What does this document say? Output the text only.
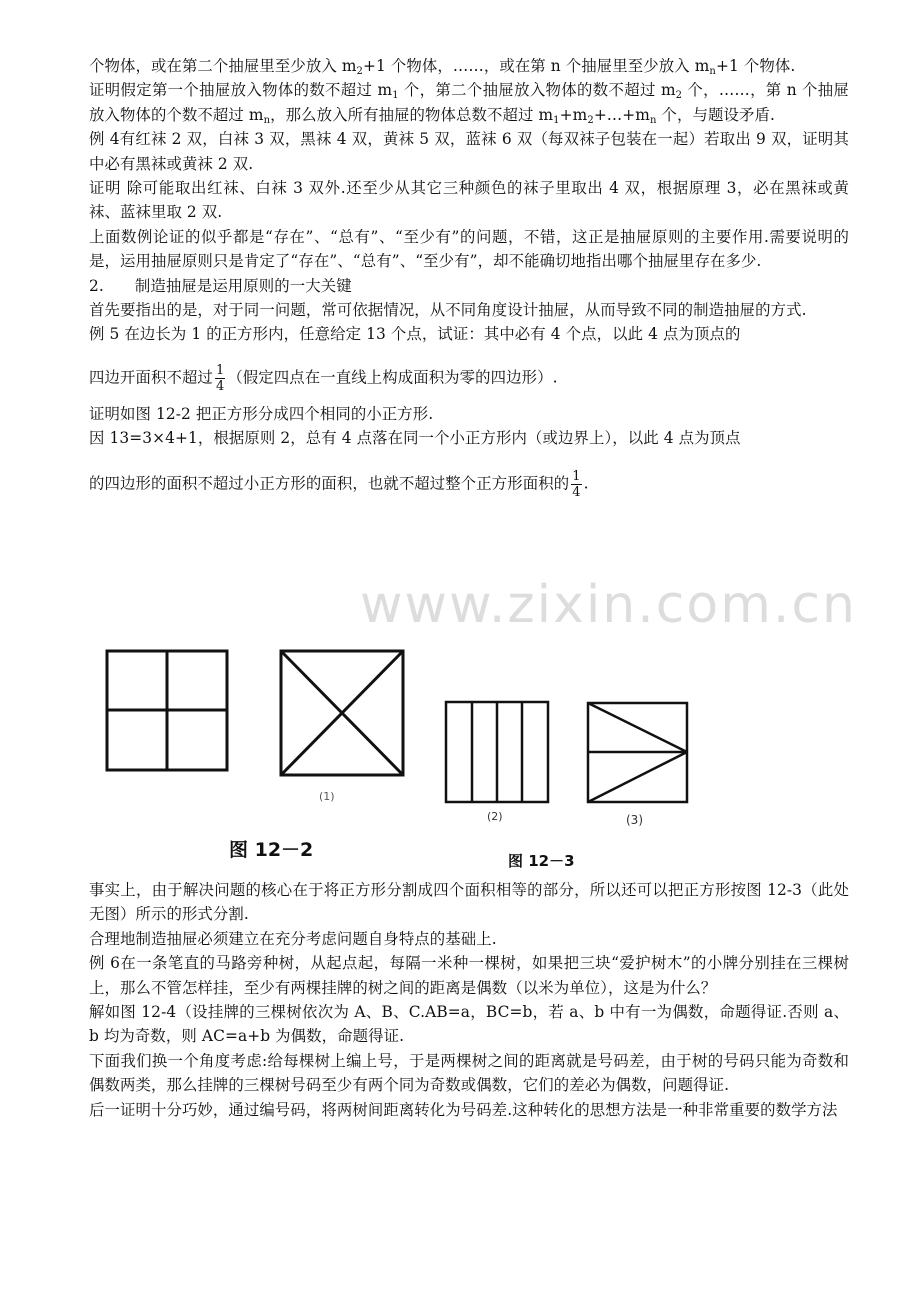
个物体，或在第二个抽屉里至少放入 $m_2+1$ 个物体，……，或在第 n 个抽屉里至少放入 $m_n+1$ 个物体.

证明假定第一个抽屉放入物体的数不超过 $m_1$ 个，第二个抽屉放入物体的数不超过 $m_2$ 个，……，第 n 个抽屉放入物体的个数不超过 $m_n$，那么放入所有抽屉的物体总数不超过 $m_1+m_2+\dots+m_n$ 个，与题设矛盾.

例 4有红袜 2 双，白袜 3 双，黑袜 4 双，黄袜 5 双，蓝袜 6 双（每双袜子包装在一起）若取出 9 双，证明其中必有黑袜或黄袜 2 双.

证明 除可能取出红袜、白袜 3 双外.还至少从其它三种颜色的袜子里取出 4 双，根据原理 3，必在黑袜或黄袜、蓝袜里取 2 双.

上面数例论证的似乎都是“存在”、“总有”、“至少有”的问题，不错，这正是抽屉原则的主要作用.需要说明的是，运用抽屉原则只是肯定了“存在”、“总有”、“至少有”，却不能确切地指出哪个抽屉里存在多少.

2.　　制造抽屉是运用原则的一大关键

首先要指出的是，对于同一问题，常可依据情况，从不同角度设计抽屉，从而导致不同的制造抽屉的方式.

例 5 在边长为 1 的正方形内，任意给定 13 个点，试证：其中必有 4 个点，以此 4 点为顶点的

四边开面积不超过 $\frac{1}{4}$ （假定四点在一直线上构成面积为零的四边形）.

证明如图 12-2 把正方形分成四个相同的小正方形.

因 13=3×4+1，根据原则 2，总有 4 点落在同一个小正方形内（或边界上），以此 4 点为顶点

的四边形的面积不超过小正方形的面积，也就不超过整个正方形面积的 $\frac{1}{4}$ .

www.zixin.com.cn
(1)
(2)	(3)
图 12－2	图 12－3

事实上，由于解决问题的核心在于将正方形分割成四个面积相等的部分，所以还可以把正方形按图 12-3（此处无图）所示的形式分割.

合理地制造抽屉必须建立在充分考虑问题自身特点的基础上.

例 6在一条笔直的马路旁种树，从起点起，每隔一米种一棵树，如果把三块“爱护树木”的小牌分别挂在三棵树上，那么不管怎样挂，至少有两棵挂牌的树之间的距离是偶数（以米为单位），这是为什么？

解如图 12-4（设挂牌的三棵树依次为 A、B、C.AB=a，BC=b，若 a、b 中有一为偶数，命题得证.否则 a、b 均为奇数，则 AC=a+b 为偶数，命题得证.

下面我们换一个角度考虑:给每棵树上编上号，于是两棵树之间的距离就是号码差，由于树的号码只能为奇数和偶数两类，那么挂牌的三棵树号码至少有两个同为奇数或偶数，它们的差必为偶数，问题得证.

后一证明十分巧妙，通过编号码，将两树间距离转化为号码差.这种转化的思想方法是一种非常重要的数学方法
